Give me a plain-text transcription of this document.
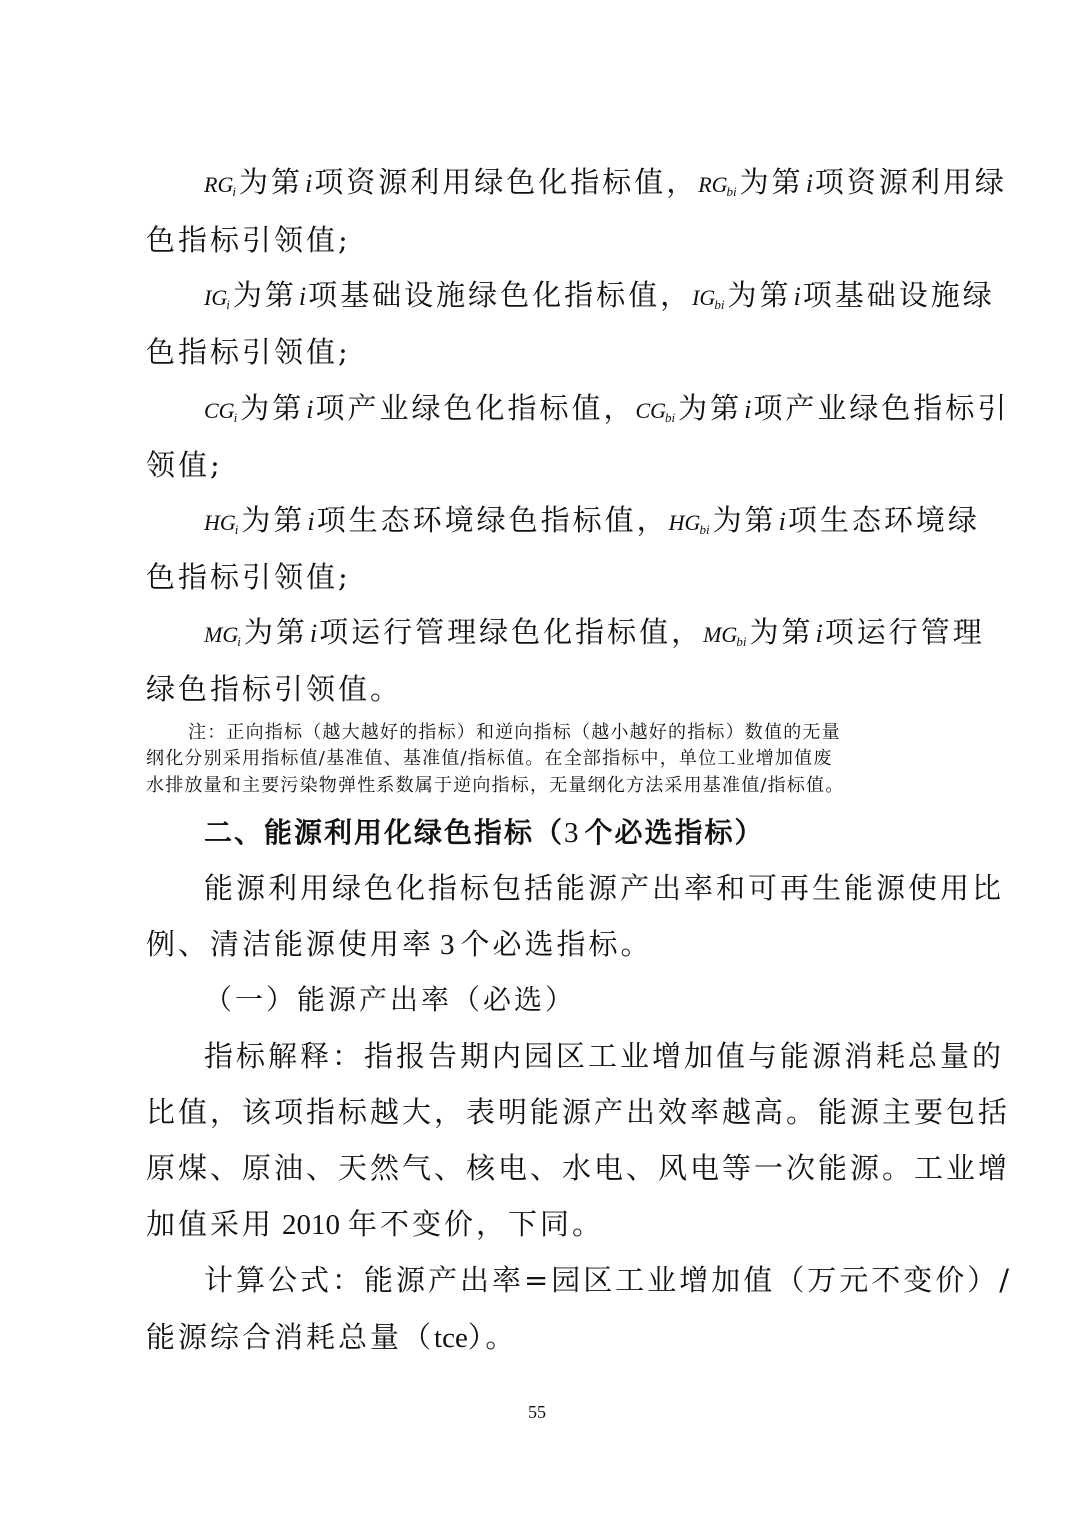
$RG_i$ 为第i项资源利用绿色化指标值，$RG_{bi}$ 为第i项资源利用绿
色指标引领值;
$IG_i$ 为第i项基础设施绿色化指标值，$IG_{bi}$ 为第i项基础设施绿
色指标引领值;
$CG_i$ 为第i项产业绿色化指标值，$CG_{bi}$ 为第i项产业绿色指标引
领值;
$HG_i$ 为第i项生态环境绿色指标值，$HG_{bi}$ 为第i项生态环境绿
色指标引领值;
$MG_i$ 为第i项运行管理绿色化指标值，$MG_{bi}$ 为第i项运行管理
绿色指标引领值。
注：正向指标（越大越好的指标）和逆向指标（越小越好的指标）数值的无量
纲化分别采用指标值/基准值、基准值/指标值。在全部指标中，单位工业增加值废
水排放量和主要污染物弹性系数属于逆向指标，无量纲化方法采用基准值/指标值。
二、能源利用化绿色指标（3 个必选指标）
能源利用绿色化指标包括能源产出率和可再生能源使用比
例、清洁能源使用率 3 个必选指标。
（一）能源产出率（必选）
指标解释：指报告期内园区工业增加值与能源消耗总量的
比值，该项指标越大，表明能源产出效率越高。能源主要包括
原煤、原油、天然气、核电、水电、风电等一次能源。工业增
加值采用 2010 年不变价，下同。
计算公式：能源产出率=园区工业增加值（万元不变价）/
能源综合消耗总量（tce）。
55
